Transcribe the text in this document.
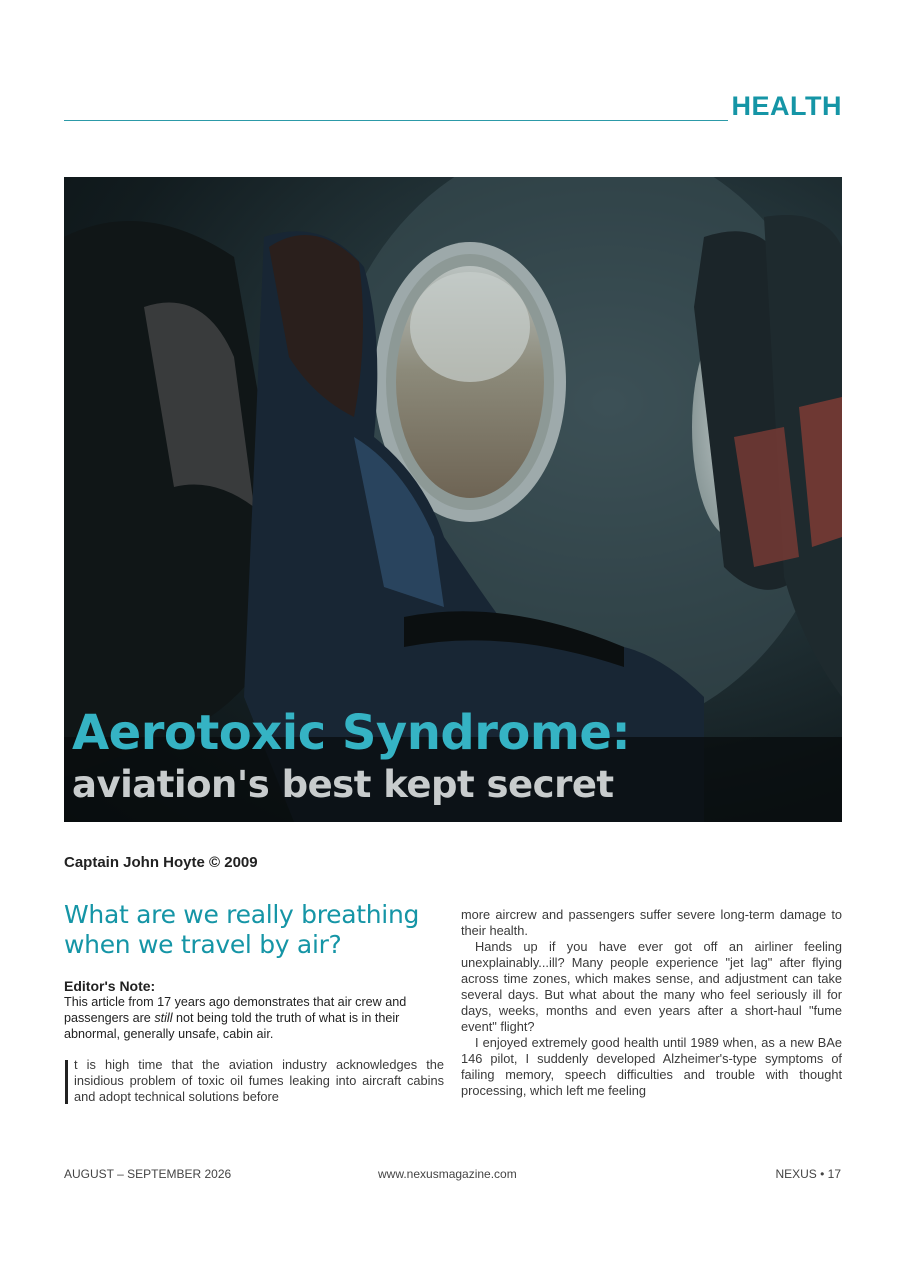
HEALTH
Aerotoxic Syndrome:
aviation's best kept secret
Captain John Hoyte © 2009
What are we really breathing when we travel by air?
Editor's Note:
This article from 17 years ago demonstrates that air crew and passengers are still not being told the truth of what is in their abnormal, generally unsafe, cabin air.

t is high time that the aviation industry acknowledges the insidious problem of toxic oil fumes leaking into aircraft cabins and adopt technical solutions before

more aircrew and passengers suffer severe long-term damage to their health.

Hands up if you have ever got off an airliner feeling unexplainably...ill? Many people experience "jet lag" after flying across time zones, which makes sense, and adjustment can take several days. But what about the many who feel seriously ill for days, weeks, months and even years after a short-haul "fume event" flight?

I enjoyed extremely good health until 1989 when, as a new BAe 146 pilot, I suddenly developed Alzheimer's-type symptoms of failing memory, speech difficulties and trouble with thought processing, which left me feeling

AUGUST – SEPTEMBER 2026	www.nexusmagazine.com	NEXUS • 17
